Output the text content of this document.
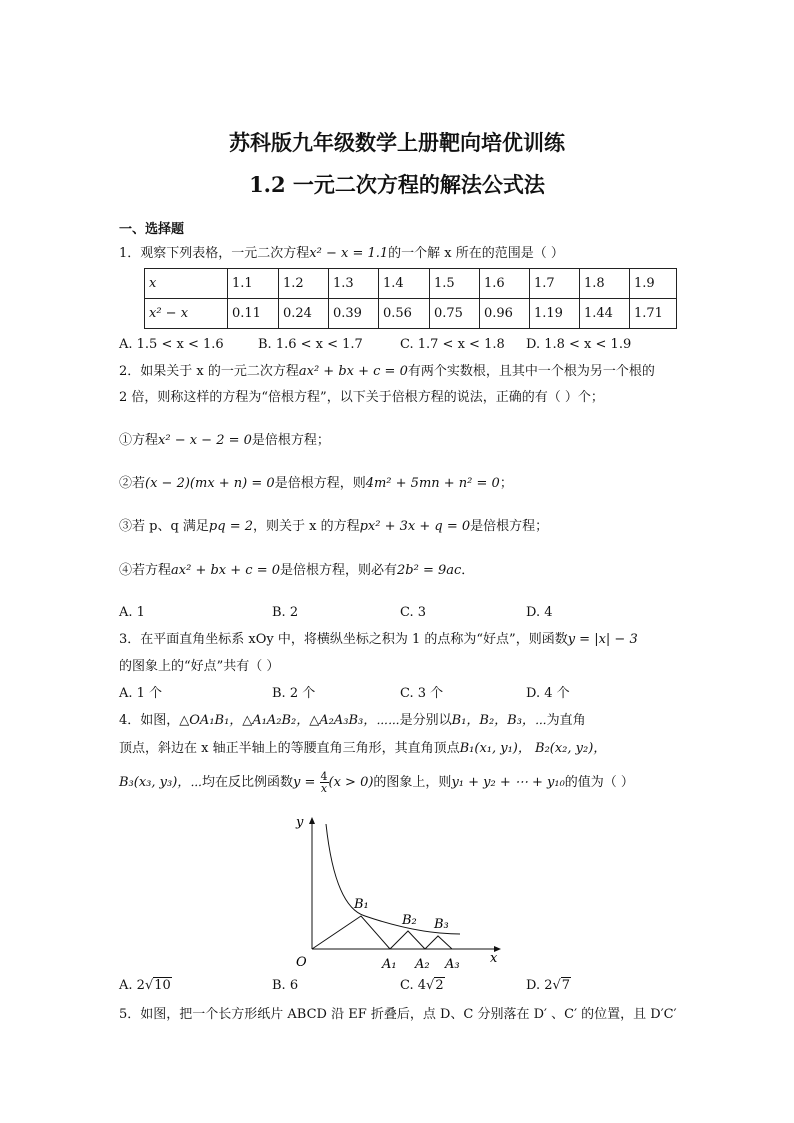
苏科版九年级数学上册靶向培优训练
1.2 一元二次方程的解法公式法
一、选择题
1．观察下列表格，一元二次方程x² − x = 1.1的一个解 x 所在的范围是（ ）
x	1.1	1.2	1.3	1.4	1.5	1.6	1.7	1.8	1.9
x² − x	0.11	0.24	0.39	0.56	0.75	0.96	1.19	1.44	1.71
A. 1.5 < x < 1.6	B. 1.6 < x < 1.7	C. 1.7 < x < 1.8 D. 1.8 < x < 1.9
2．如果关于 x 的一元二次方程ax² + bx + c = 0有两个实数根，且其中一个根为另一个根的
2 倍，则称这样的方程为“倍根方程”，以下关于倍根方程的说法，正确的有（ ）个；
①方程x² − x − 2 = 0是倍根方程；
②若(x − 2)(mx + n) = 0是倍根方程，则4m² + 5mn + n² = 0；
③若 p、q 满足pq = 2，则关于 x 的方程px² + 3x + q = 0是倍根方程；
④若方程ax² + bx + c = 0是倍根方程，则必有2b² = 9ac．
A. 1	B. 2	C. 3	D. 4
3．在平面直角坐标系 xOy 中，将横纵坐标之积为 1 的点称为“好点”，则函数y = |x| − 3
的图象上的“好点”共有（ ）
A. 1 个	B. 2 个	C. 3 个	D. 4 个
4．如图，△OA₁B₁，△A₁A₂B₂，△A₂A₃B₃，⋯⋯是分别以B₁，B₂，B₃，⋯为直角
顶点，斜边在 x 轴正半轴上的等腰直角三角形，其直角顶点B₁(x₁, y₁)， B₂(x₂, y₂)，
B₃(x₃, y₃)，⋯均在反比例函数$y = \frac{4}{x} (x > 0)$的图象上，则y₁ + y₂ + ⋯ + y₁₀的值为（ ）
y
x
O
B₁
B₂ B₃
A₁ A₂ A₃
A. 2√10	B. 6	C. 4√2	D. 2√7
5．如图，把一个长方形纸片 ABCD 沿 EF 折叠后，点 D、C 分别落在 D′ 、C′ 的位置，且 D′C′
